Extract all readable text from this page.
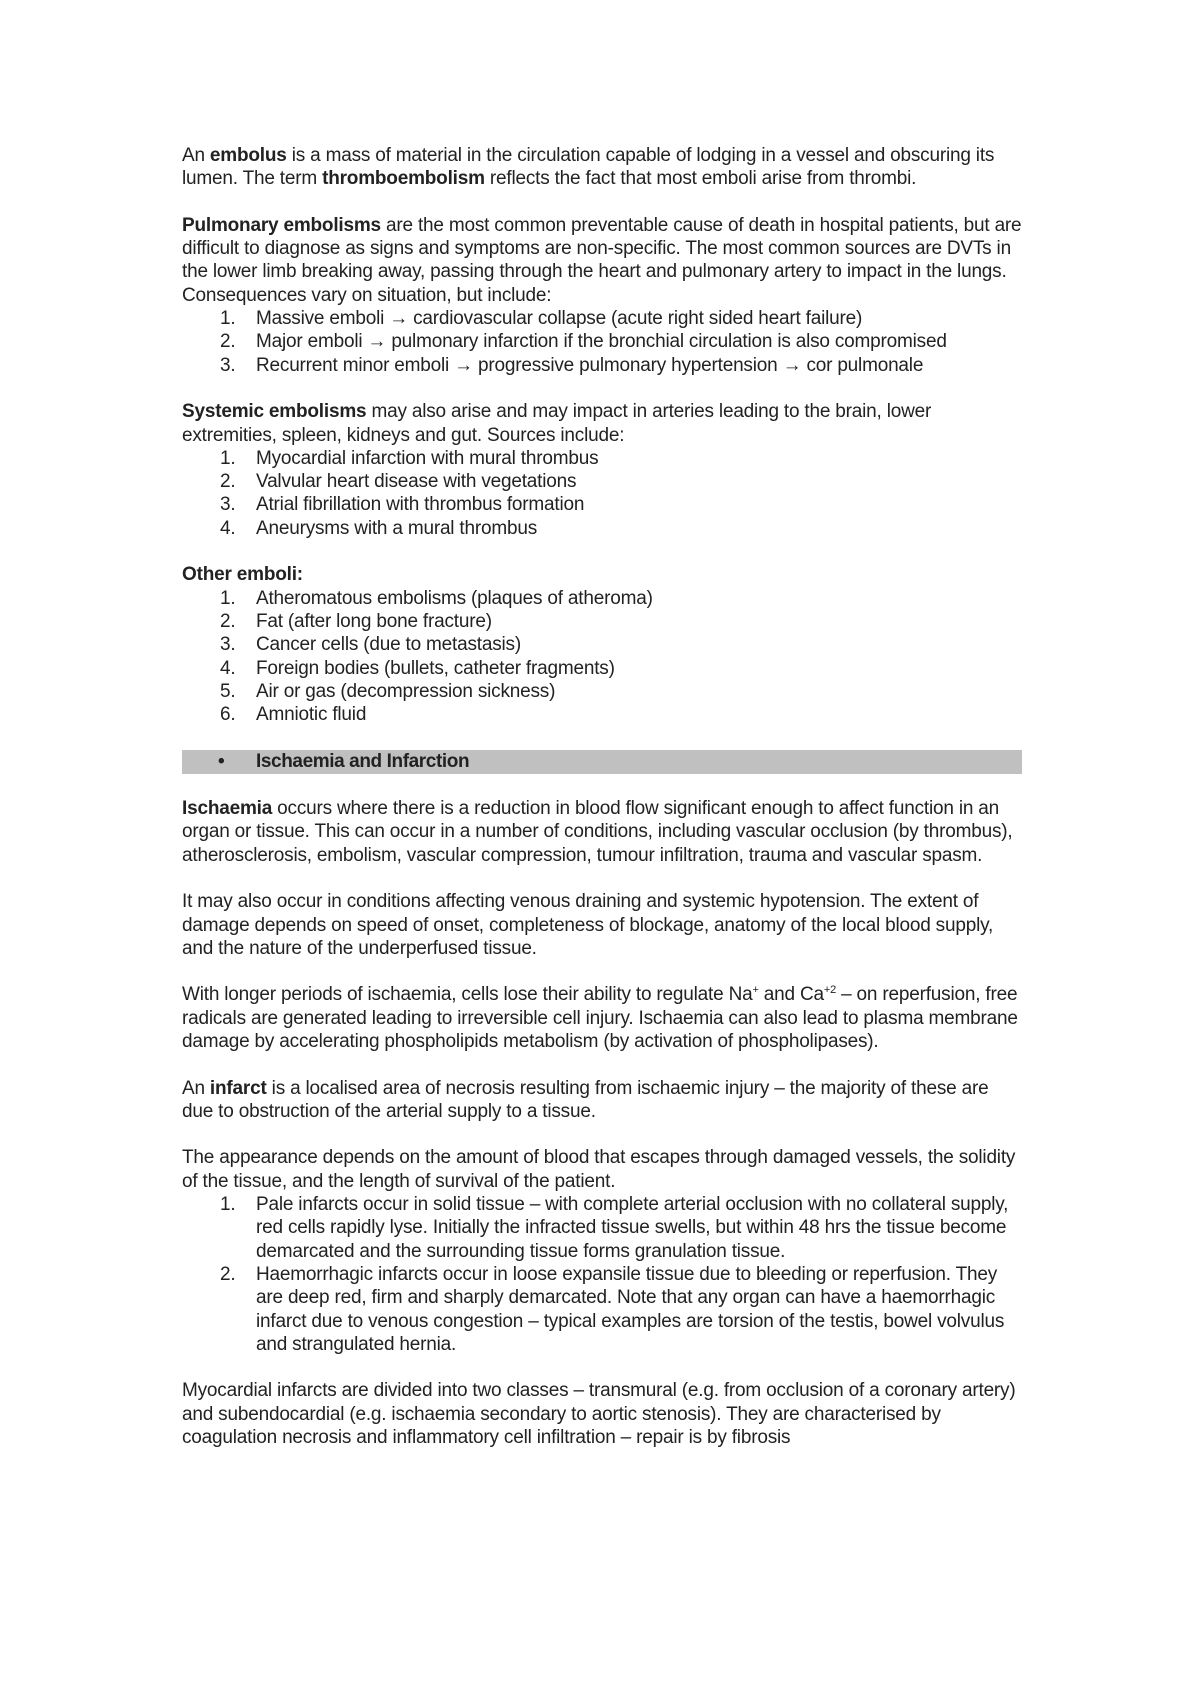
An embolus is a mass of material in the circulation capable of lodging in a vessel and obscuring its lumen. The term thromboembolism reflects the fact that most emboli arise from thrombi.

Pulmonary embolisms are the most common preventable cause of death in hospital patients, but are difficult to diagnose as signs and symptoms are non-specific. The most common sources are DVTs in the lower limb breaking away, passing through the heart and pulmonary artery to impact in the lungs. Consequences vary on situation, but include:

1. Massive emboli → cardiovascular collapse (acute right sided heart failure)
2. Major emboli → pulmonary infarction if the bronchial circulation is also compromised
3. Recurrent minor emboli → progressive pulmonary hypertension → cor pulmonale

Systemic embolisms may also arise and may impact in arteries leading to the brain, lower extremities, spleen, kidneys and gut. Sources include:

1. Myocardial infarction with mural thrombus
2. Valvular heart disease with vegetations
3. Atrial fibrillation with thrombus formation
4. Aneurysms with a mural thrombus

Other emboli:

1. Atheromatous embolisms (plaques of atheroma)
2. Fat (after long bone fracture)
3. Cancer cells (due to metastasis)
4. Foreign bodies (bullets, catheter fragments)
5. Air or gas (decompression sickness)
6. Amniotic fluid
•	Ischaemia and Infarction

Ischaemia occurs where there is a reduction in blood flow significant enough to affect function in an organ or tissue. This can occur in a number of conditions, including vascular occlusion (by thrombus), atherosclerosis, embolism, vascular compression, tumour infiltration, trauma and vascular spasm.

It may also occur in conditions affecting venous draining and systemic hypotension. The extent of damage depends on speed of onset, completeness of blockage, anatomy of the local blood supply, and the nature of the underperfused tissue.

With longer periods of ischaemia, cells lose their ability to regulate Na+ and $Ca^{+2}$ – on reperfusion, free radicals are generated leading to irreversible cell injury. Ischaemia can also lead to plasma membrane damage by accelerating phospholipids metabolism (by activation of phospholipases).

An infarct is a localised area of necrosis resulting from ischaemic injury – the majority of these are due to obstruction of the arterial supply to a tissue.

The appearance depends on the amount of blood that escapes through damaged vessels, the solidity of the tissue, and the length of survival of the patient.

1. Pale infarcts occur in solid tissue – with complete arterial occlusion with no collateral supply, red cells rapidly lyse. Initially the infracted tissue swells, but within 48 hrs the tissue become demarcated and the surrounding tissue forms granulation tissue.
2. Haemorrhagic infarcts occur in loose expansile tissue due to bleeding or reperfusion. They are deep red, firm and sharply demarcated. Note that any organ can have a haemorrhagic infarct due to venous congestion – typical examples are torsion of the testis, bowel volvulus and strangulated hernia.

Myocardial infarcts are divided into two classes – transmural (e.g. from occlusion of a coronary artery) and subendocardial (e.g. ischaemia secondary to aortic stenosis). They are characterised by coagulation necrosis and inflammatory cell infiltration – repair is by fibrosis
